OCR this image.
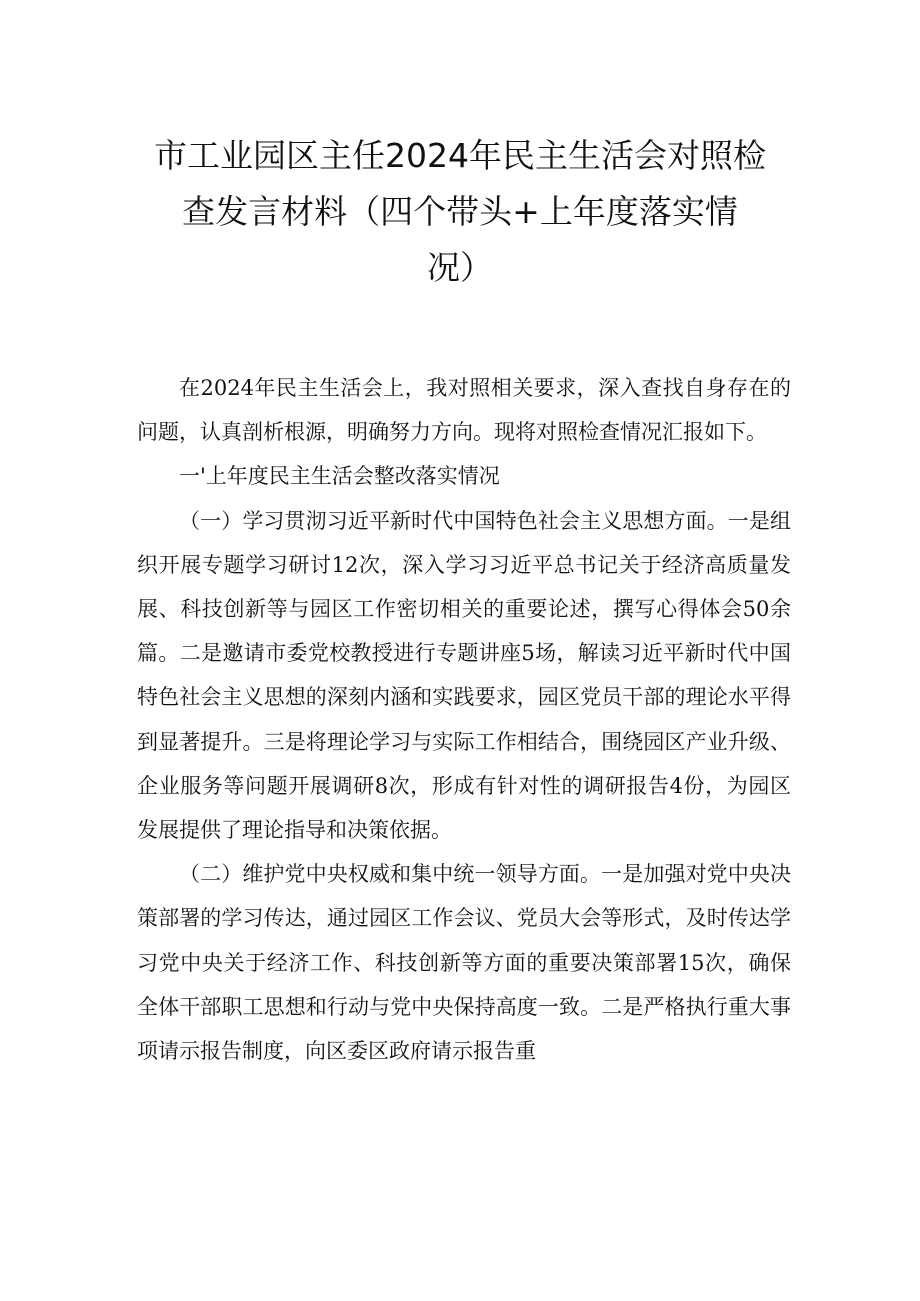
市工业园区主任2024年民主生活会对照检
查发言材料（四个带头+上年度落实情
况）

在2024年民主生活会上，我对照相关要求，深入查找自身存在的问题，认真剖析根源，明确努力方向。现将对照检查情况汇报如下。

一'上年度民主生活会整改落实情况

（一）学习贯沏习近平新时代中国特色社会主义思想方面。一是组织开展专题学习研讨12次，深入学习习近平总书记关于经济高质量发展、科技创新等与园区工作密切相关的重要论述，撰写心得体会50余篇。二是邀请市委党校教授进行专题讲座5场，解读习近平新时代中国特色社会主义思想的深刻内涵和实践要求，园区党员干部的理论水平得到显著提升。三是将理论学习与实际工作相结合，围绕园区产业升级、企业服务等问题开展调研8次，形成有针对性的调研报告4份，为园区发展提供了理论指导和决策依据。

（二）维护党中央权威和集中统一领导方面。一是加强对党中央决策部署的学习传达，通过园区工作会议、党员大会等形式，及时传达学习党中央关于经济工作、科技创新等方面的重要决策部署15次，确保全体干部职工思想和行动与党中央保持高度一致。二是严格执行重大事项请示报告制度，向区委区政府请示报告重
